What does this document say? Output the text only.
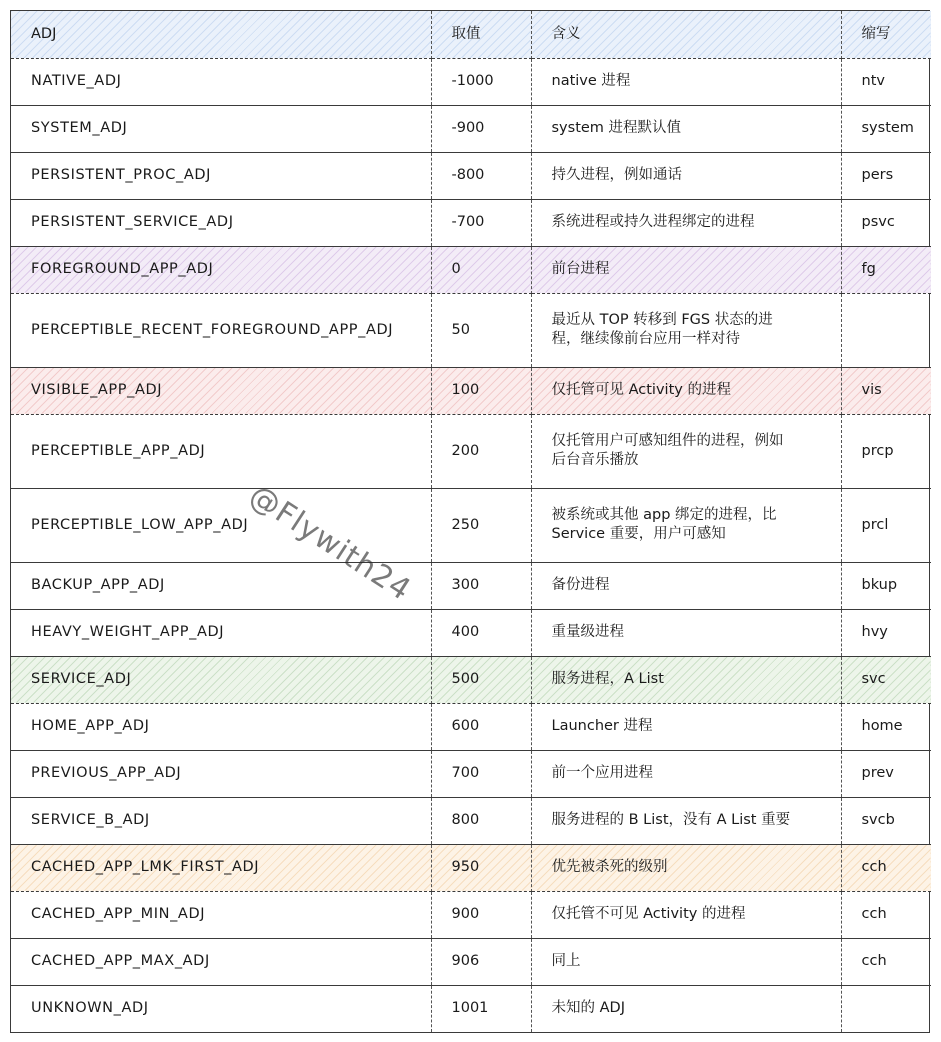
ADJ	取值	含义	缩写
NATIVE_ADJ	-1000	native 进程	ntv
SYSTEM_ADJ	-900	system 进程默认值	system
PERSISTENT_PROC_ADJ	-800	持久进程，例如通话	pers
PERSISTENT_SERVICE_ADJ	-700	系统进程或持久进程绑定的进程	psvc
FOREGROUND_APP_ADJ	0	前台进程	fg
PERCEPTIBLE_RECENT_FOREGROUND_APP_ADJ	50	最近从 TOP 转移到 FGS 状态的进
程，继续像前台应用一样对待	
VISIBLE_APP_ADJ	100	仅托管可见 Activity 的进程	vis
PERCEPTIBLE_APP_ADJ	200	仅托管用户可感知组件的进程，例如
后台音乐播放	prcp
PERCEPTIBLE_LOW_APP_ADJ	250	被系统或其他 app 绑定的进程，比
Service 重要，用户可感知	prcl
BACKUP_APP_ADJ	300	备份进程	bkup
HEAVY_WEIGHT_APP_ADJ	400	重量级进程	hvy
SERVICE_ADJ	500	服务进程，A List	svc
HOME_APP_ADJ	600	Launcher 进程	home
PREVIOUS_APP_ADJ	700	前一个应用进程	prev
SERVICE_B_ADJ	800	服务进程的 B List，没有 A List 重要	svcb
CACHED_APP_LMK_FIRST_ADJ	950	优先被杀死的级别	cch
CACHED_APP_MIN_ADJ	900	仅托管不可见 Activity 的进程	cch
CACHED_APP_MAX_ADJ	906	同上	cch
UNKNOWN_ADJ	1001	未知的 ADJ	
@Flywith24
